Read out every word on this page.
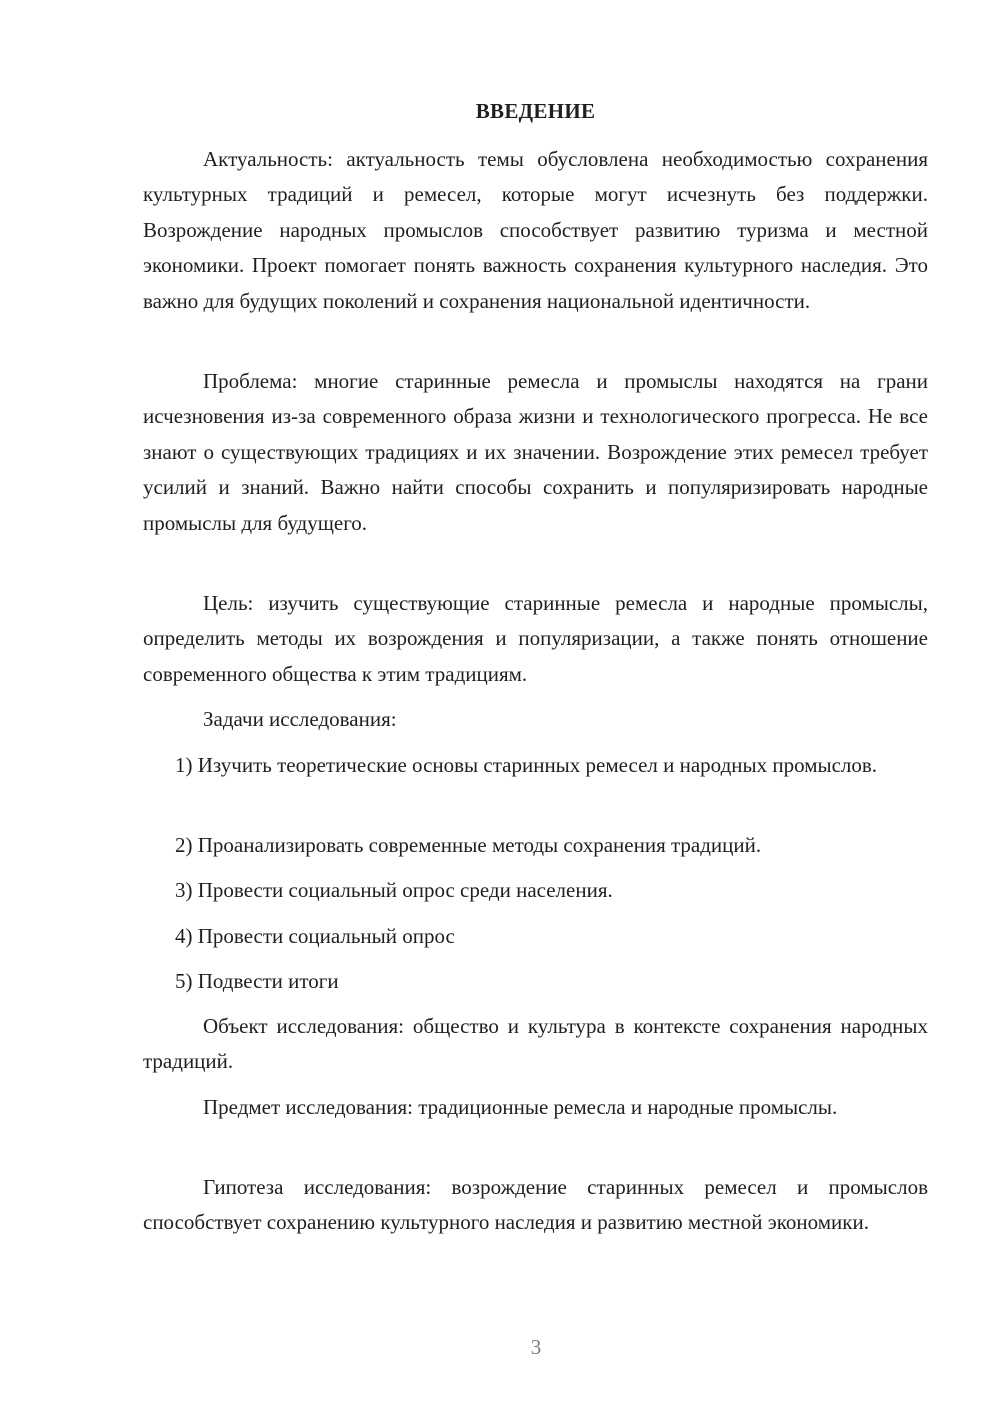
ВВЕДЕНИЕ

Актуальность: актуальность темы обусловлена необходимостью сохранения культурных традиций и ремесел, которые могут исчезнуть без поддержки. Возрождение народных промыслов способствует развитию туризма и местной экономики. Проект помогает понять важность сохранения культурного наследия. Это важно для будущих поколений и сохранения национальной идентичности.

Проблема: многие старинные ремесла и промыслы находятся на грани исчезновения из-за современного образа жизни и технологического прогресса. Не все знают о существующих традициях и их значении. Возрождение этих ремесел требует усилий и знаний. Важно найти способы сохранить и популяризировать народные промыслы для будущего.

Цель: изучить существующие старинные ремесла и народные промыслы, определить методы их возрождения и популяризации, а также понять отношение современного общества к этим традициям.

Задачи исследования:

1) Изучить теоретические основы старинных ремесел и народных промыслов.

2) Проанализировать современные методы сохранения традиций.

3) Провести социальный опрос среди населения.

4) Провести социальный опрос

5) Подвести итоги

Объект исследования: общество и культура в контексте сохранения народных традиций.

Предмет исследования: традиционные ремесла и народные промыслы.

Гипотеза исследования: возрождение старинных ремесел и промыслов способствует сохранению культурного наследия и развитию местной экономики.

3
